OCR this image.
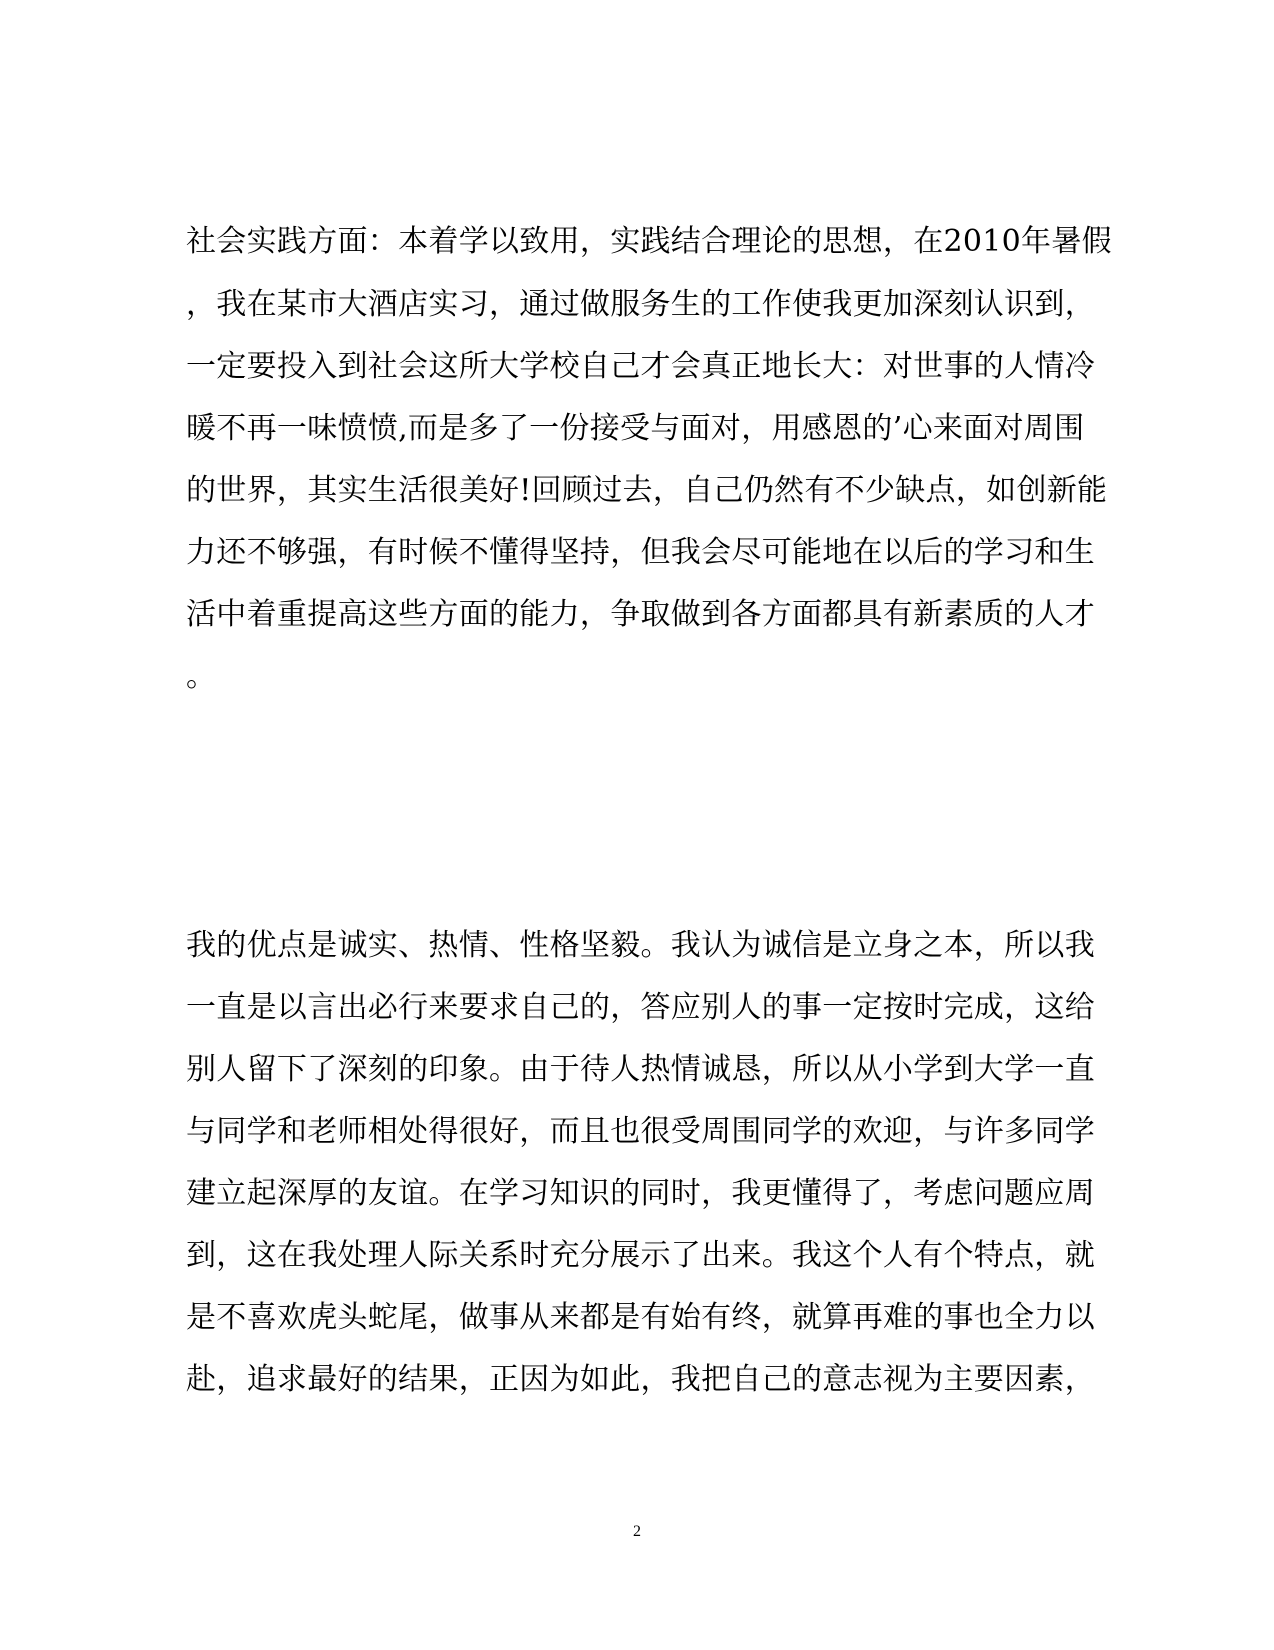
社会实践方面：本着学以致用，实践结合理论的思想，在2010年暑假
，我在某市大酒店实习，通过做服务生的工作使我更加深刻认识到，
一定要投入到社会这所大学校自己才会真正地长大：对世事的人情冷
暖不再一味愤愤,而是多了一份接受与面对，用感恩的’心来面对周围
的世界，其实生活很美好!回顾过去，自己仍然有不少缺点，如创新能
力还不够强，有时候不懂得坚持，但我会尽可能地在以后的学习和生
活中着重提高这些方面的能力，争取做到各方面都具有新素质的人才
。
我的优点是诚实、热情、性格坚毅。我认为诚信是立身之本，所以我
一直是以言出必行来要求自己的，答应别人的事一定按时完成，这给
别人留下了深刻的印象。由于待人热情诚恳，所以从小学到大学一直
与同学和老师相处得很好，而且也很受周围同学的欢迎，与许多同学
建立起深厚的友谊。在学习知识的同时，我更懂得了，考虑问题应周
到，这在我处理人际关系时充分展示了出来。我这个人有个特点，就
是不喜欢虎头蛇尾，做事从来都是有始有终，就算再难的事也全力以
赴，追求最好的结果，正因为如此，我把自己的意志视为主要因素，
2
